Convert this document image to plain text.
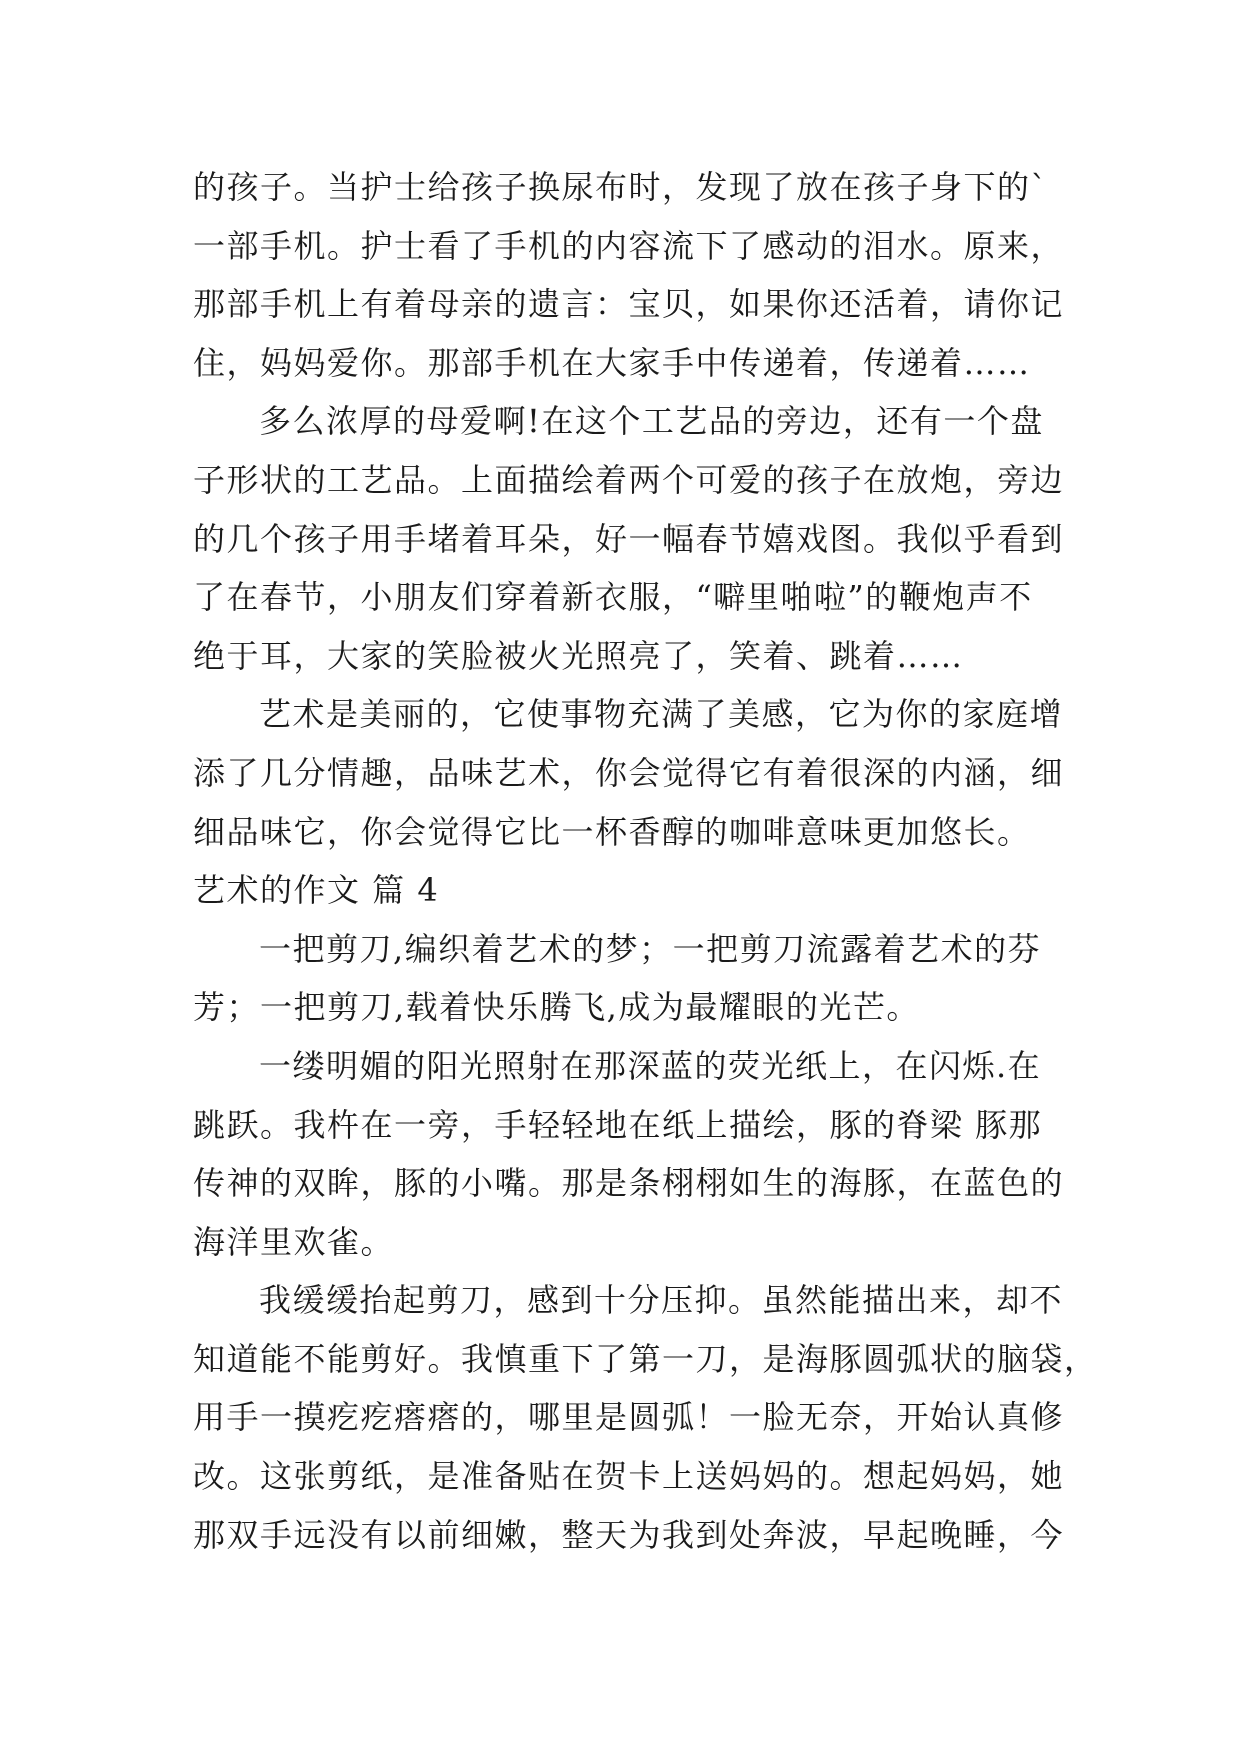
的孩子。当护士给孩子换尿布时，发现了放在孩子身下的`
一部手机。护士看了手机的内容流下了感动的泪水。原来，
那部手机上有着母亲的遗言：宝贝，如果你还活着，请你记
住，妈妈爱你。那部手机在大家手中传递着，传递着……
多么浓厚的母爱啊!在这个工艺品的旁边，还有一个盘
子形状的工艺品。上面描绘着两个可爱的孩子在放炮，旁边
的几个孩子用手堵着耳朵，好一幅春节嬉戏图。我似乎看到
了在春节，小朋友们穿着新衣服，“噼里啪啦”的鞭炮声不
绝于耳，大家的笑脸被火光照亮了，笑着、跳着……
艺术是美丽的，它使事物充满了美感，它为你的家庭增
添了几分情趣，品味艺术，你会觉得它有着很深的内涵，细
细品味它，你会觉得它比一杯香醇的咖啡意味更加悠长。
艺术的作文 篇 4
一把剪刀,编织着艺术的梦；一把剪刀流露着艺术的芬
芳；一把剪刀,载着快乐腾飞,成为最耀眼的光芒。
一缕明媚的阳光照射在那深蓝的荧光纸上，在闪烁.在
跳跃。我杵在一旁，手轻轻地在纸上描绘，豚的脊梁 豚那
传神的双眸，豚的小嘴。那是条栩栩如生的海豚，在蓝色的
海洋里欢雀。
我缓缓抬起剪刀，感到十分压抑。虽然能描出来，却不
知道能不能剪好。我慎重下了第一刀，是海豚圆弧状的脑袋，
用手一摸疙疙瘩瘩的，哪里是圆弧！一脸无奈，开始认真修
改。这张剪纸，是准备贴在贺卡上送妈妈的。想起妈妈，她
那双手远没有以前细嫩，整天为我到处奔波，早起晚睡，今
